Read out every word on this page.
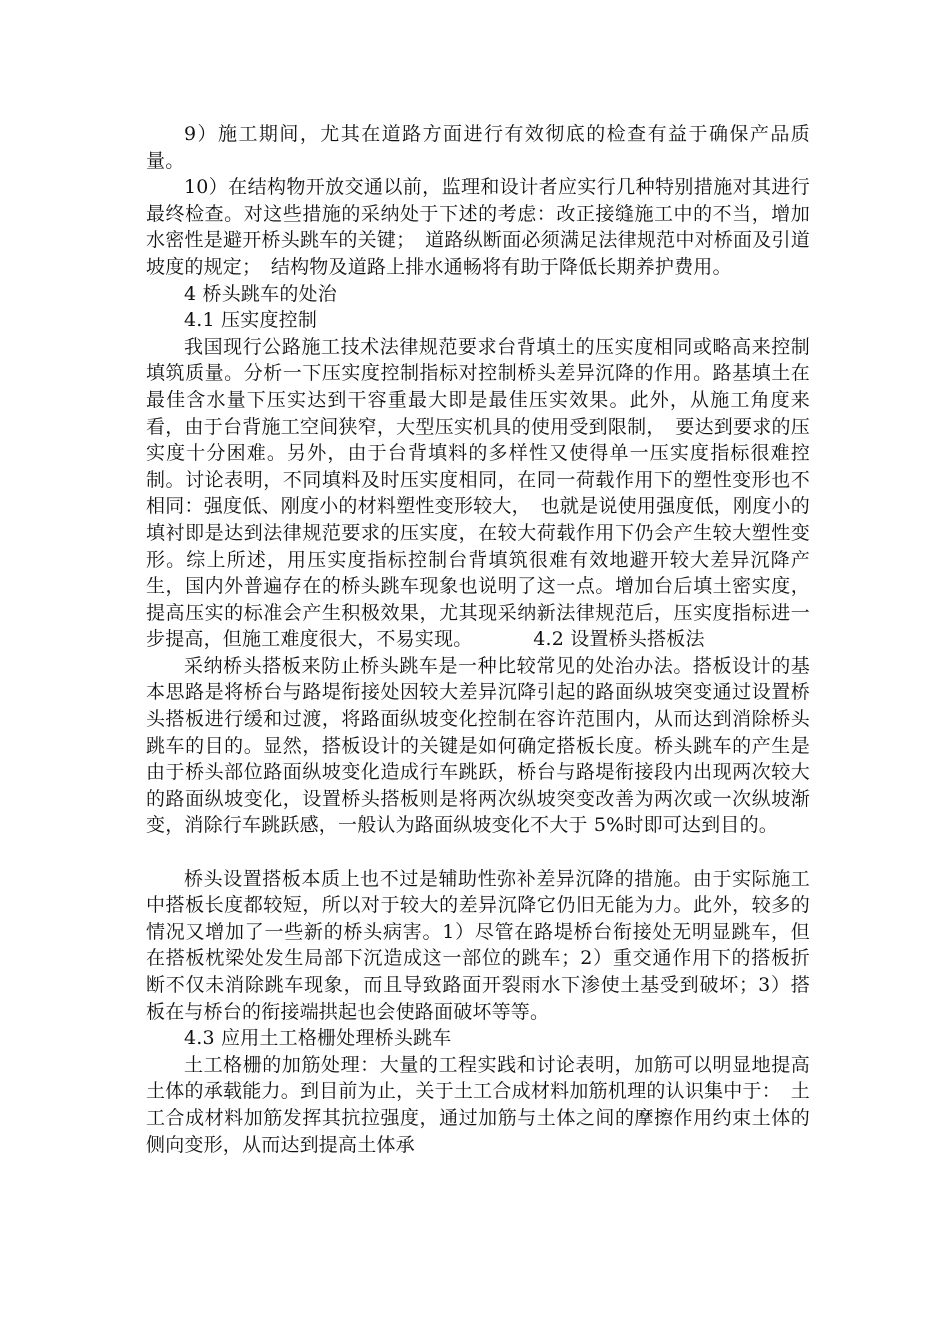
9）施工期间，尤其在道路方面进行有效彻底的检查有益于确保产品质量。

10）在结构物开放交通以前，监理和设计者应实行几种特别措施对其进行最终检查。对这些措施的采纳处于下述的考虑：改正接缝施工中的不当，增加水密性是避开桥头跳车的关键；　道路纵断面必须满足法律规范中对桥面及引道坡度的规定；　结构物及道路上排水通畅将有助于降低长期养护费用。

4 桥头跳车的处治

4.1 压实度控制

我国现行公路施工技术法律规范要求台背填土的压实度相同或略高来控制填筑质量。分析一下压实度控制指标对控制桥头差异沉降的作用。路基填土在最佳含水量下压实达到干容重最大即是最佳压实效果。此外，从施工角度来看，由于台背施工空间狭窄，大型压实机具的使用受到限制，　要达到要求的压实度十分困难。另外，由于台背填料的多样性又使得单一压实度指标很难控制。讨论表明，不同填料及时压实度相同，在同一荷载作用下的塑性变形也不相同：强度低、刚度小的材料塑性变形较大，　也就是说使用强度低，刚度小的填衬即是达到法律规范要求的压实度，在较大荷载作用下仍会产生较大塑性变形。综上所述，用压实度指标控制台背填筑很难有效地避开较大差异沉降产生，国内外普遍存在的桥头跳车现象也说明了这一点。增加台后填土密实度，提高压实的标准会产生积极效果，尤其现采纳新法律规范后，压实度指标进一步提高，但施工难度很大，不易实现。	4.2 设置桥头搭板法

采纳桥头搭板来防止桥头跳车是一种比较常见的处治办法。搭板设计的基本思路是将桥台与路堤衔接处因较大差异沉降引起的路面纵坡突变通过设置桥头搭板进行缓和过渡，将路面纵坡变化控制在容许范围内，从而达到消除桥头跳车的目的。显然，搭板设计的关键是如何确定搭板长度。桥头跳车的产生是由于桥头部位路面纵坡变化造成行车跳跃，桥台与路堤衔接段内出现两次较大的路面纵坡变化，设置桥头搭板则是将两次纵坡突变改善为两次或一次纵坡渐变，消除行车跳跃感，一般认为路面纵坡变化不大于 5%时即可达到目的。

桥头设置搭板本质上也不过是辅助性弥补差异沉降的措施。由于实际施工中搭板长度都较短，所以对于较大的差异沉降它仍旧无能为力。此外，较多的情况又增加了一些新的桥头病害。1）尽管在路堤桥台衔接处无明显跳车，但在搭板枕梁处发生局部下沉造成这一部位的跳车；2）重交通作用下的搭板折断不仅未消除跳车现象，而且导致路面开裂雨水下渗使土基受到破坏；3）搭板在与桥台的衔接端拱起也会使路面破坏等等。

4.3 应用土工格栅处理桥头跳车

土工格栅的加筋处理：大量的工程实践和讨论表明，加筋可以明显地提高土体的承载能力。到目前为止，关于土工合成材料加筋机理的认识集中于：　土工合成材料加筋发挥其抗拉强度，通过加筋与土体之间的摩擦作用约束土体的侧向变形，从而达到提高土体承
